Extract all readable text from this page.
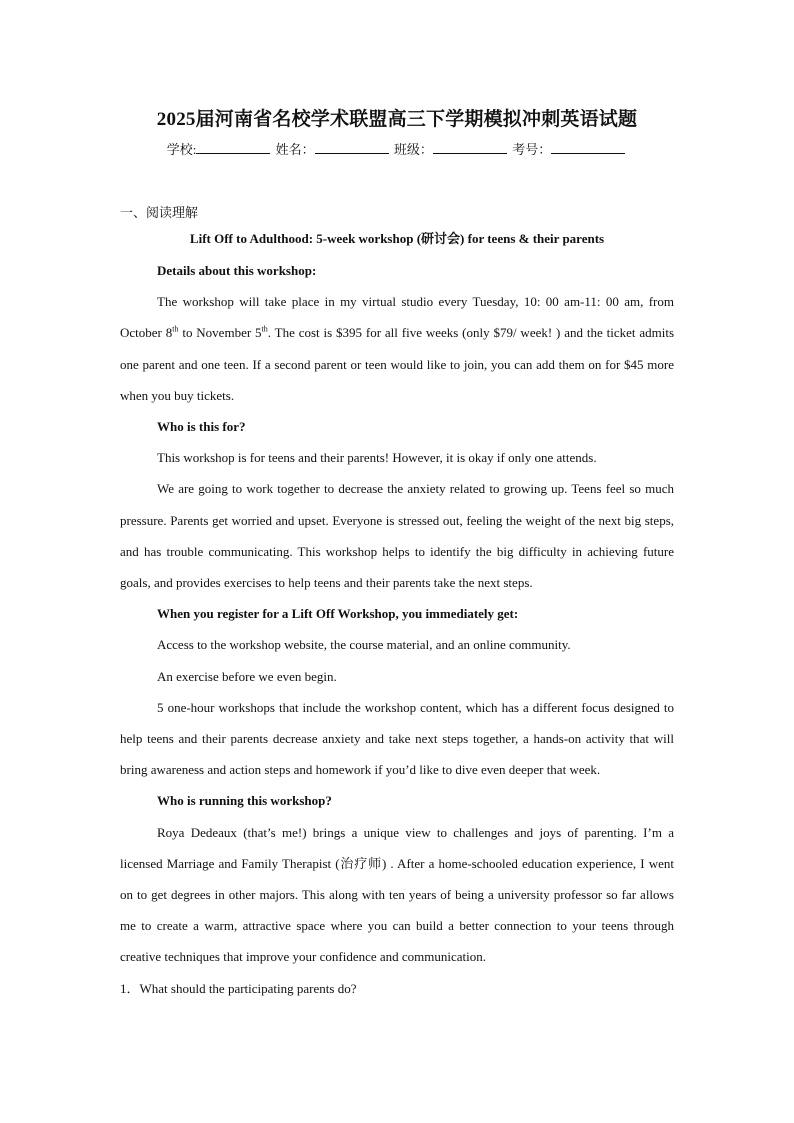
2025届河南省名校学术联盟高三下学期模拟冲刺英语试题
学校:	姓名：	班级：	考号：
一、阅读理解
Lift Off to Adulthood: 5-week workshop (研讨会) for teens & their parents

Details about this workshop:

The workshop will take place in my virtual studio every Tuesday, 10: 00 am-11: 00 am, from October 8th to November 5th. The cost is $395 for all five weeks (only $79/ week! ) and the ticket admits one parent and one teen. If a second parent or teen would like to join, you can add them on for $45 more when you buy tickets.

Who is this for?

This workshop is for teens and their parents! However, it is okay if only one attends.

We are going to work together to decrease the anxiety related to growing up. Teens feel so much pressure. Parents get worried and upset. Everyone is stressed out, feeling the weight of the next big steps, and has trouble communicating. This workshop helps to identify the big difficulty in achieving future goals, and provides exercises to help teens and their parents take the next steps.

When you register for a Lift Off Workshop, you immediately get:

Access to the workshop website, the course material, and an online community.

An exercise before we even begin.

5 one-hour workshops that include the workshop content, which has a different focus designed to help teens and their parents decrease anxiety and take next steps together, a hands-on activity that will bring awareness and action steps and homework if you’d like to dive even deeper that week.

Who is running this workshop?

Roya Dedeaux (that’s me!) brings a unique view to challenges and joys of parenting. I’m a licensed Marriage and Family Therapist (治疗师) . After a home-schooled education experience, I went on to get degrees in other majors. This along with ten years of being a university professor so far allows me to create a warm, attractive space where you can build a better connection to your teens through creative techniques that improve your confidence and communication.

1．What should the participating parents do?
